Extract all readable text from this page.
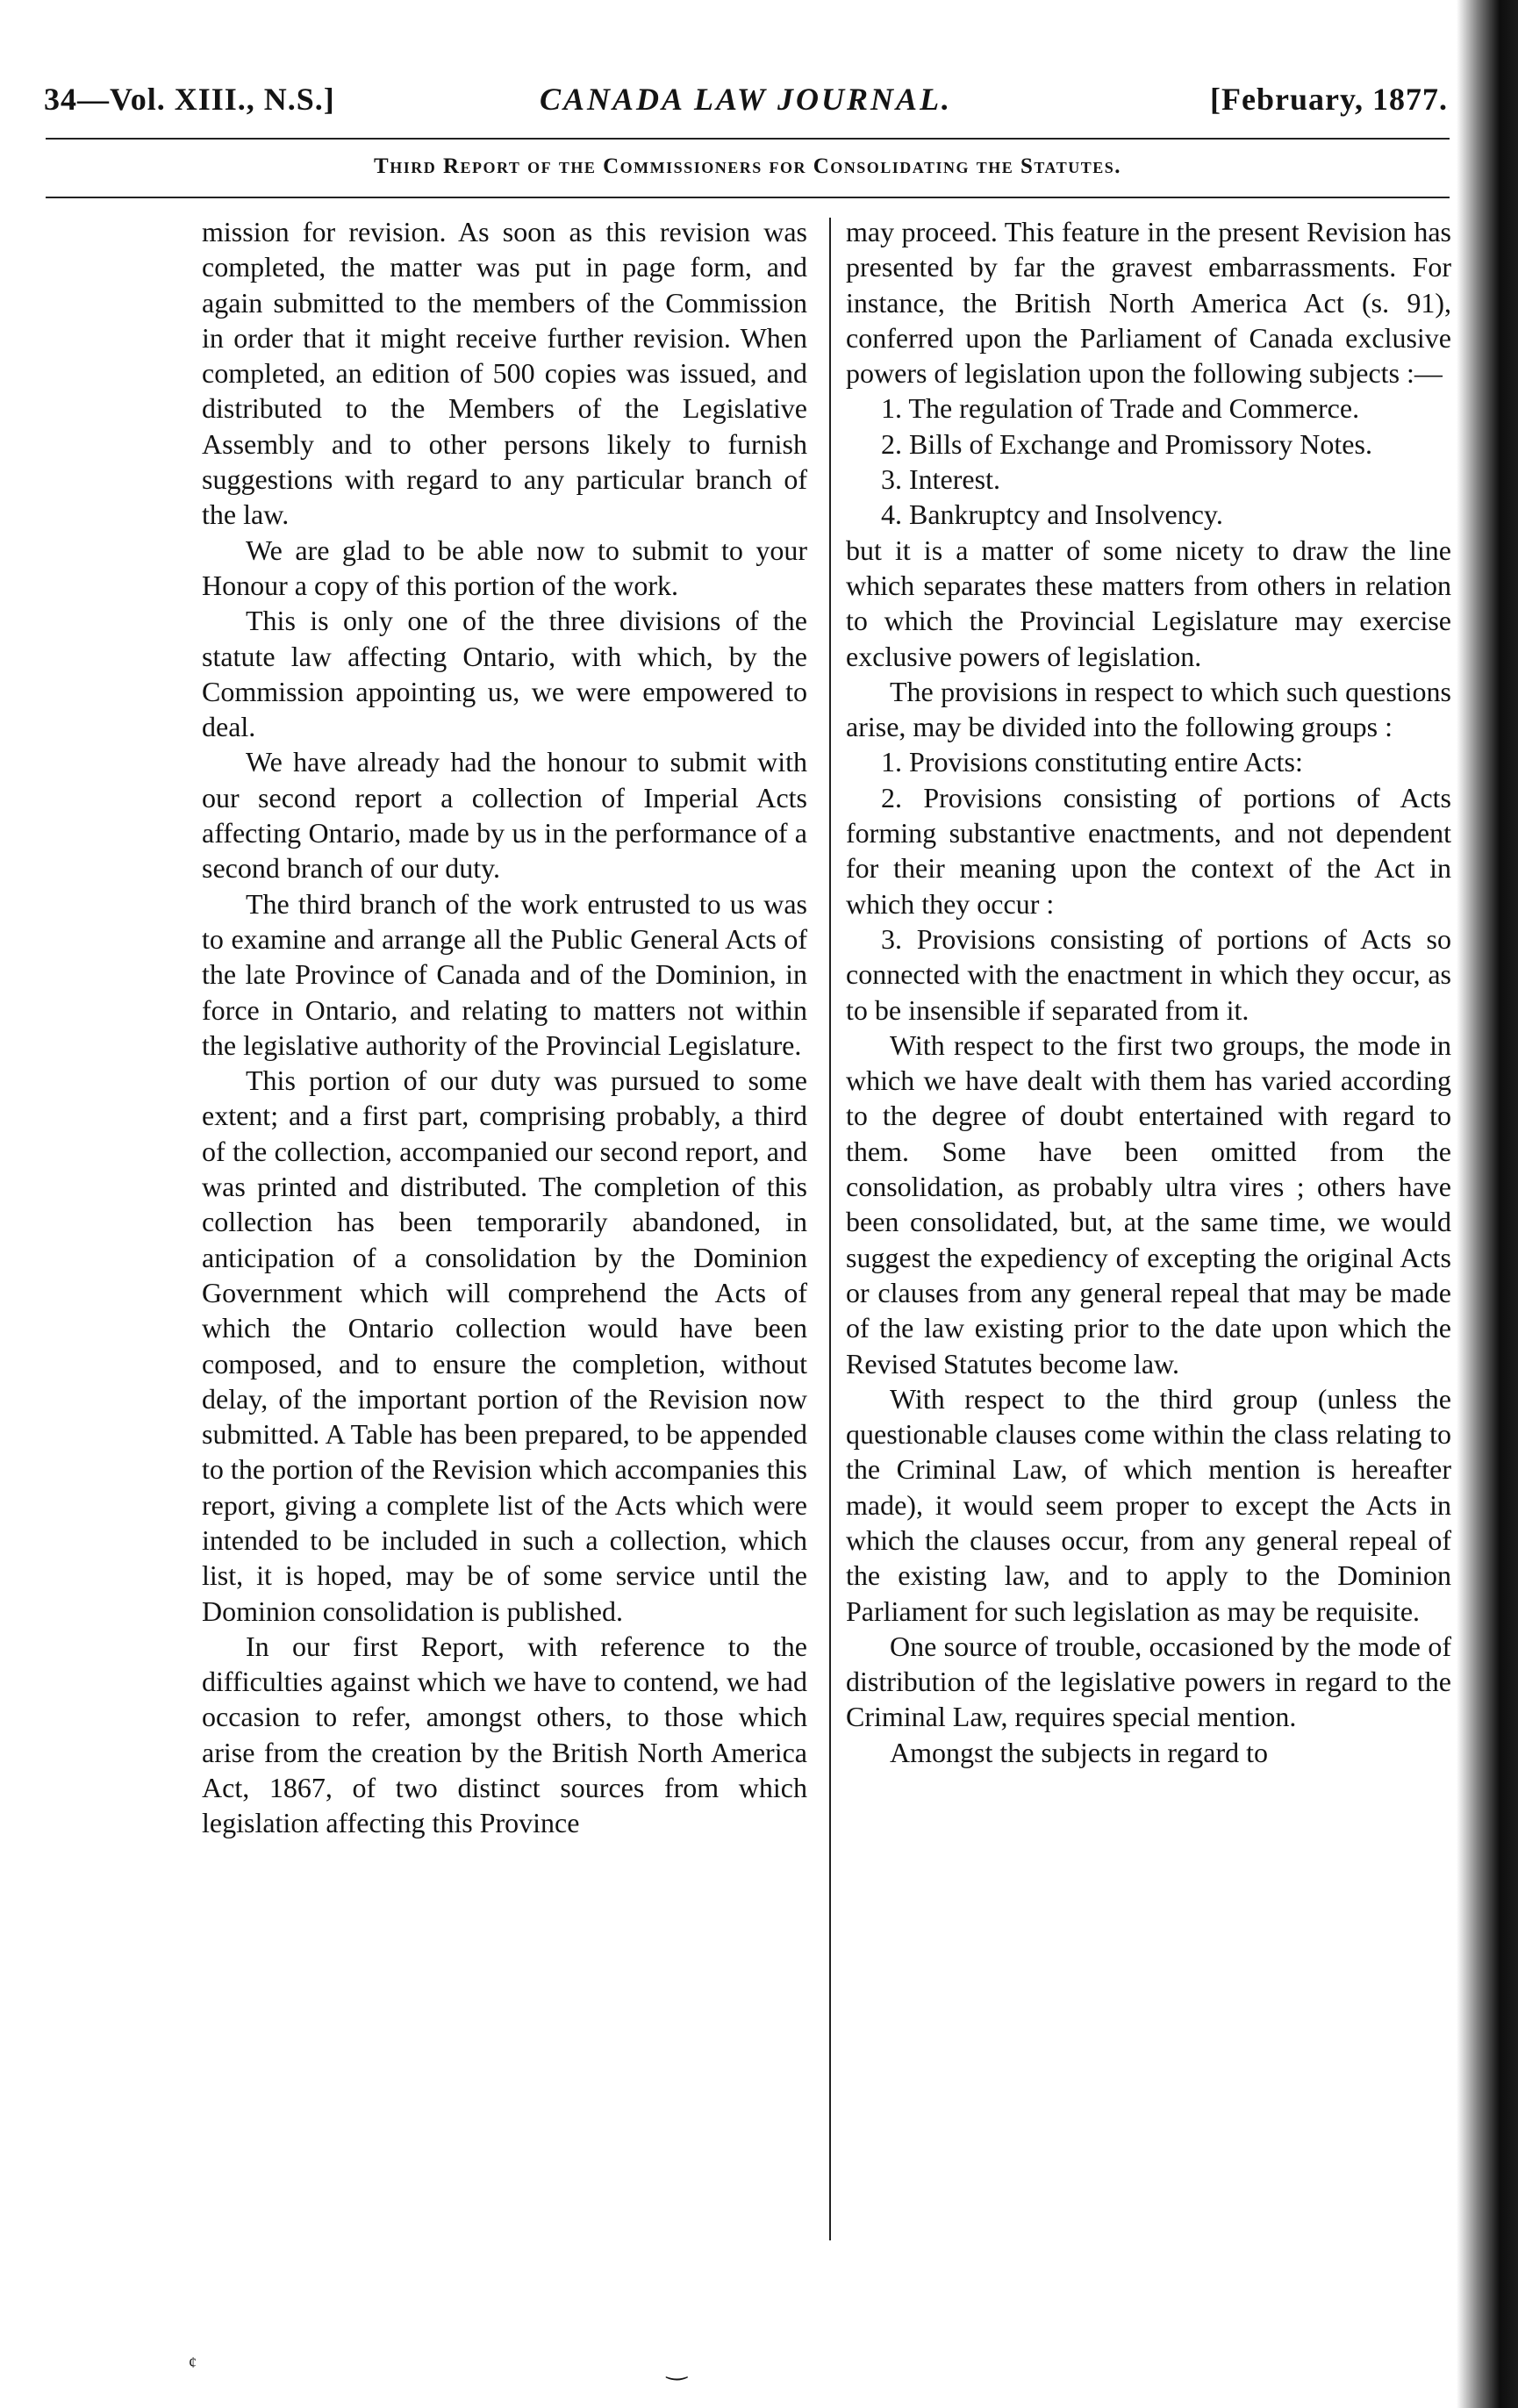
34—Vol. XIII., N.S.]	CANADA LAW JOURNAL.	[February, 1877.
Third Report of the Commissioners for Consolidating the Statutes.

mission for revision. As soon as this revision was completed, the matter was put in page form, and again submitted to the members of the Commission in order that it might receive further revision. When completed, an edition of 500 copies was issued, and distributed to the Members of the Legislative Assembly and to other persons likely to furnish suggestions with regard to any particular branch of the law.

We are glad to be able now to submit to your Honour a copy of this portion of the work.

This is only one of the three divisions of the statute law affecting Ontario, with which, by the Commission appointing us, we were empowered to deal.

We have already had the honour to submit with our second report a collection of Imperial Acts affecting Ontario, made by us in the performance of a second branch of our duty.

The third branch of the work entrusted to us was to examine and arrange all the Public General Acts of the late Province of Canada and of the Dominion, in force in Ontario, and relating to matters not within the legislative authority of the Provincial Legislature.

This portion of our duty was pursued to some extent; and a first part, comprising probably, a third of the collection, accompanied our second report, and was printed and distributed. The completion of this collection has been temporarily abandoned, in anticipation of a consolidation by the Dominion Government which will comprehend the Acts of which the Ontario collection would have been composed, and to ensure the completion, without delay, of the important portion of the Revision now submitted. A Table has been prepared, to be appended to the portion of the Revision which accompanies this report, giving a complete list of the Acts which were intended to be included in such a collection, which list, it is hoped, may be of some service until the Dominion consolidation is published.

In our first Report, with reference to the difficulties against which we have to contend, we had occasion to refer, amongst others, to those which arise from the creation by the British North America Act, 1867, of two distinct sources from which legislation affecting this Province

may proceed. This feature in the present Revision has presented by far the gravest embarrassments. For instance, the British North America Act (s. 91), conferred upon the Parliament of Canada exclusive powers of legislation upon the following subjects :—

1. The regulation of Trade and Commerce.

2. Bills of Exchange and Promissory Notes.

3. Interest.

4. Bankruptcy and Insolvency.

but it is a matter of some nicety to draw the line which separates these matters from others in relation to which the Provincial Legislature may exercise exclusive powers of legislation.

The provisions in respect to which such questions arise, may be divided into the following groups :

1. Provisions constituting entire Acts:

2. Provisions consisting of portions of Acts forming substantive enactments, and not dependent for their meaning upon the context of the Act in which they occur :

3. Provisions consisting of portions of Acts so connected with the enactment in which they occur, as to be insensible if separated from it.

With respect to the first two groups, the mode in which we have dealt with them has varied according to the degree of doubt entertained with regard to them. Some have been omitted from the consolidation, as probably ultra vires ; others have been consolidated, but, at the same time, we would suggest the expediency of excepting the original Acts or clauses from any general repeal that may be made of the law existing prior to the date upon which the Revised Statutes become law.

With respect to the third group (unless the questionable clauses come within the class relating to the Criminal Law, of which mention is hereafter made), it would seem proper to except the Acts in which the clauses occur, from any general repeal of the existing law, and to apply to the Dominion Parliament for such legislation as may be requisite.

One source of trouble, occasioned by the mode of distribution of the legislative powers in regard to the Criminal Law, requires special mention.

Amongst the subjects in regard to

¢	‿
